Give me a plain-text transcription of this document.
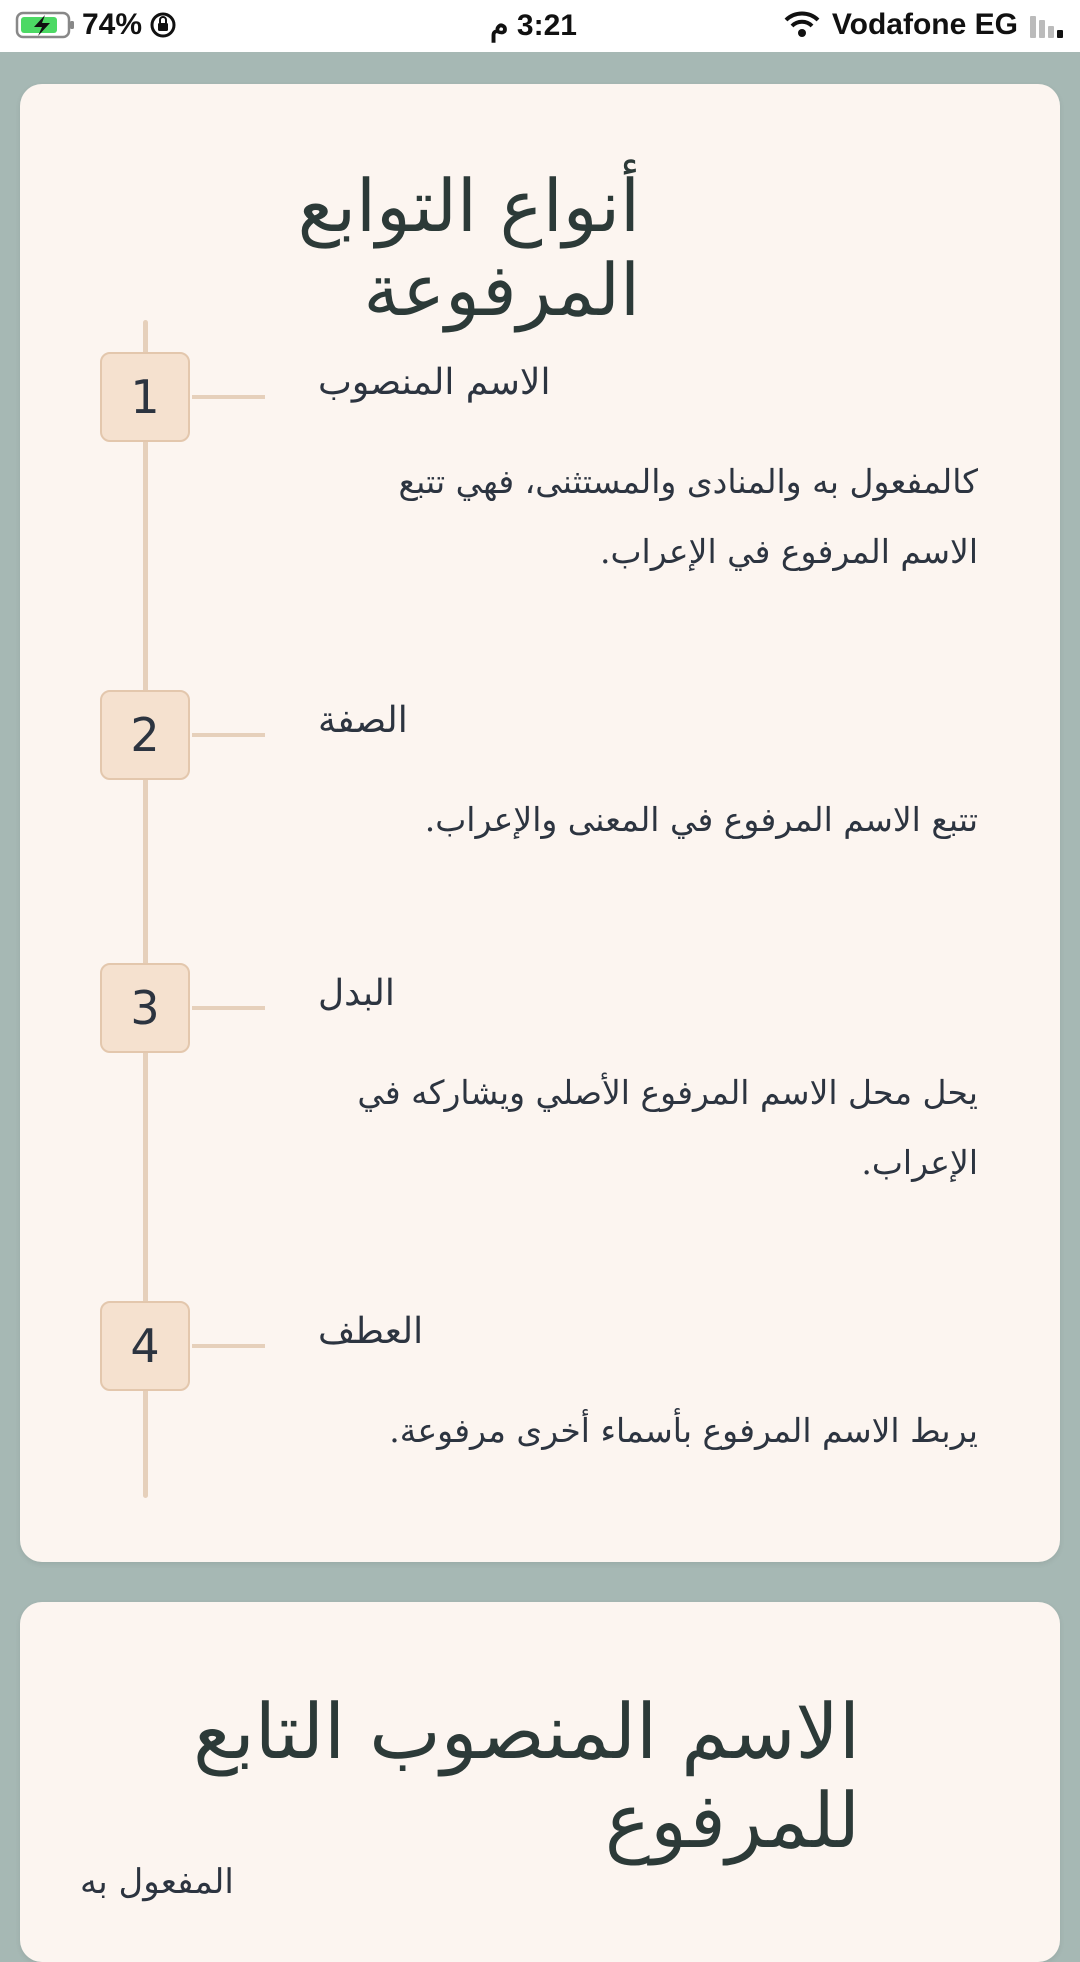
74%	3:21 م	Vodafone EG
أنواع التوابع المرفوعة
1	الاسم المنصوب
كالمفعول به والمنادى والمستثنى، فهي تتبع الاسم المرفوع في الإعراب.
2	الصفة
تتبع الاسم المرفوع في المعنى والإعراب.
3	البدل
يحل محل الاسم المرفوع الأصلي ويشاركه في الإعراب.
4	العطف
يربط الاسم المرفوع بأسماء أخرى مرفوعة.
الاسم المنصوب التابع للمرفوع
المفعول به
